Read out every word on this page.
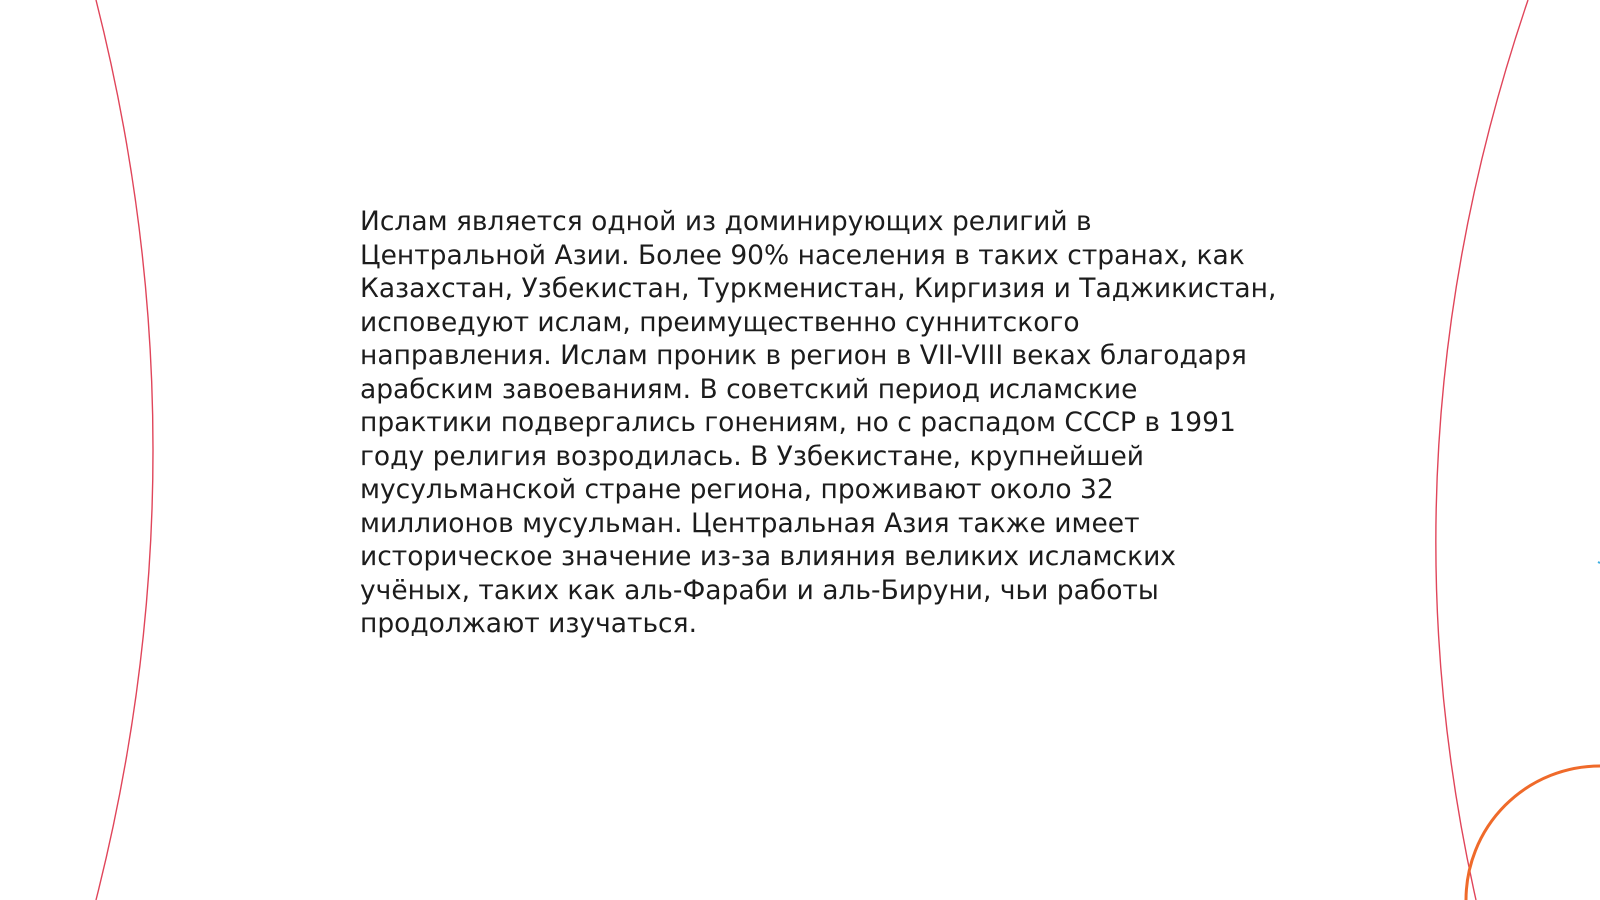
Ислам является одной из доминирующих религий в
Центральной Азии. Более 90% населения в таких странах, как
Казахстан, Узбекистан, Туркменистан, Киргизия и Таджикистан,
исповедуют ислам, преимущественно суннитского
направления. Ислам проник в регион в VII-VIII веках благодаря
арабским завоеваниям. В советский период исламские
практики подвергались гонениям, но с распадом СССР в 1991
году религия возродилась. В Узбекистане, крупнейшей
мусульманской стране региона, проживают около 32
миллионов мусульман. Центральная Азия также имеет
историческое значение из-за влияния великих исламских
учёных, таких как аль-Фараби и аль-Бируни, чьи работы
продолжают изучаться.
